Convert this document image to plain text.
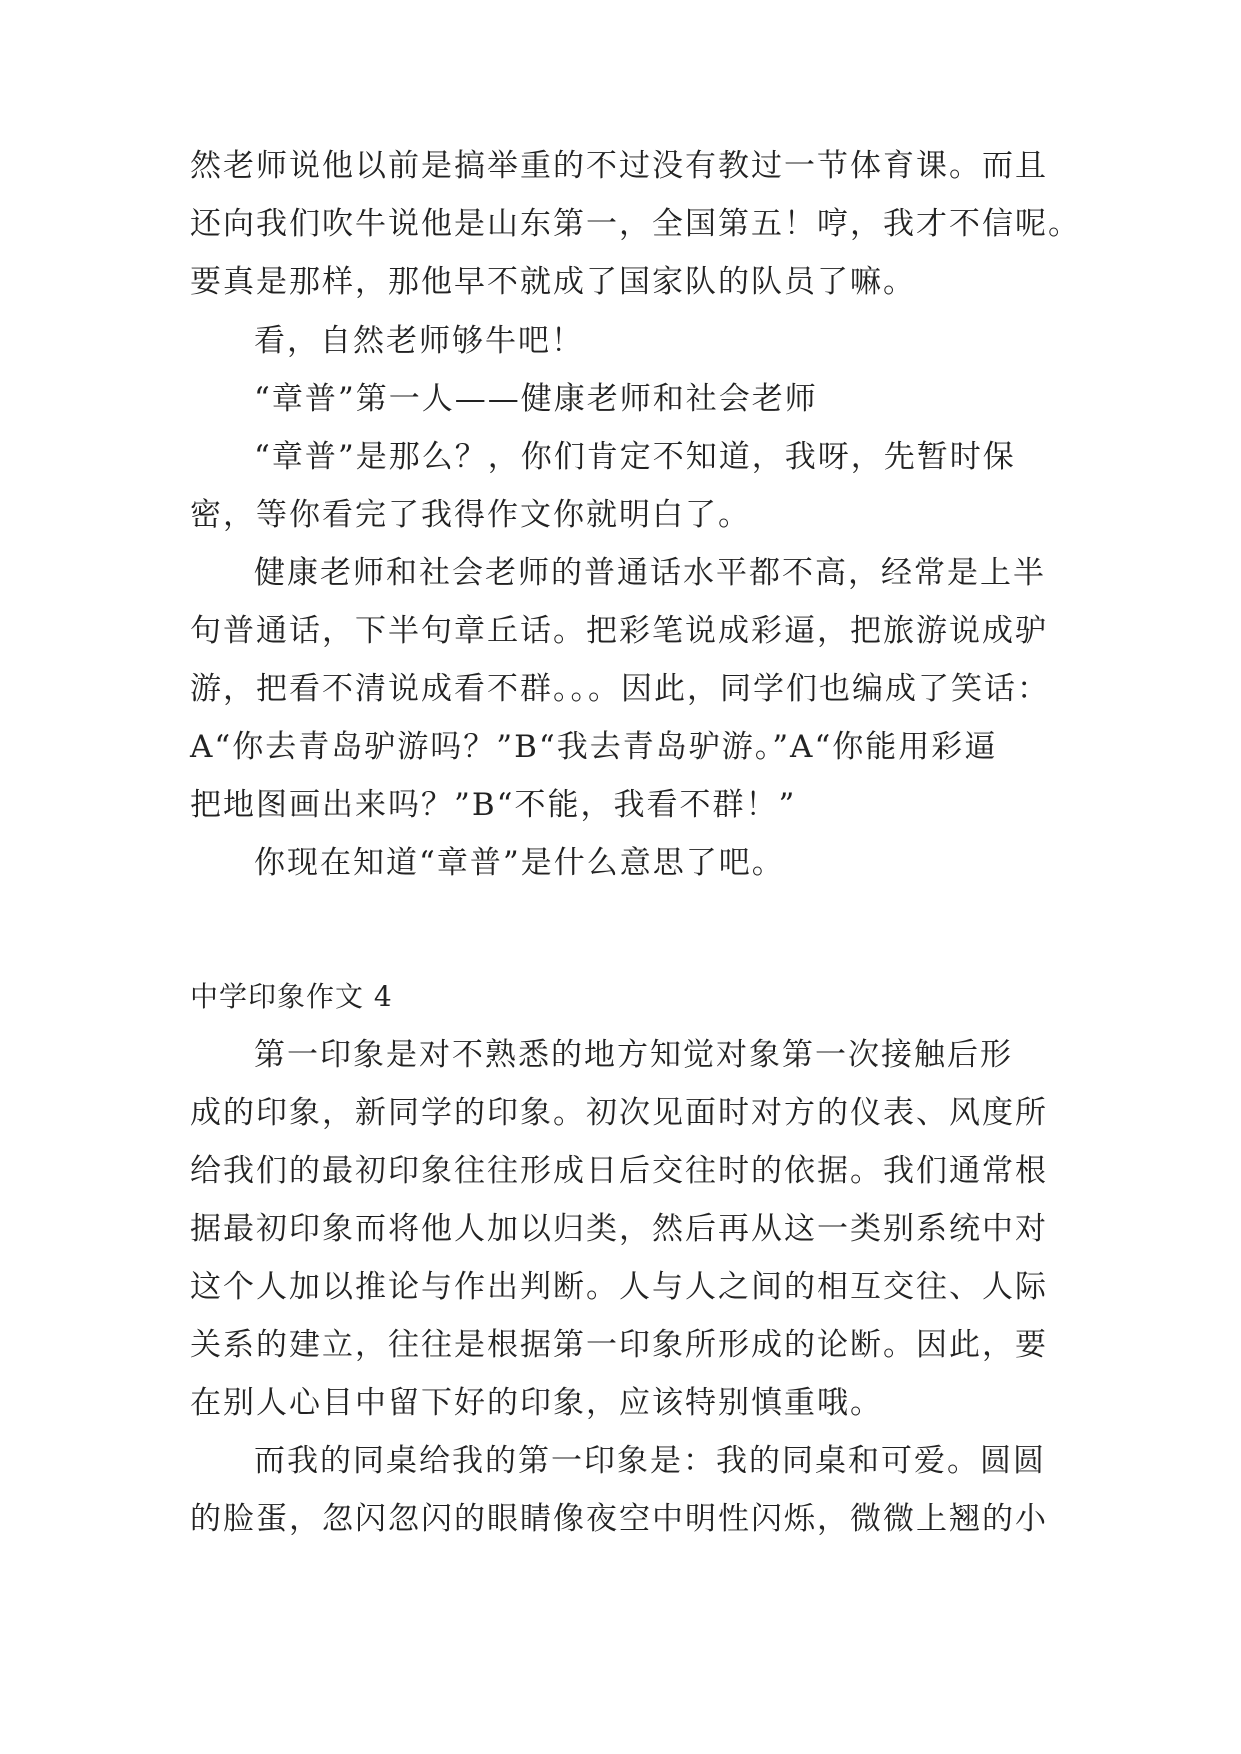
然老师说他以前是搞举重的不过没有教过一节体育课。而且
还向我们吹牛说他是山东第一，全国第五！哼，我才不信呢。
要真是那样，那他早不就成了国家队的队员了嘛。
看，自然老师够牛吧！
“章普”第一人——健康老师和社会老师
“章普”是那么？，你们肯定不知道，我呀，先暂时保
密，等你看完了我得作文你就明白了。
健康老师和社会老师的普通话水平都不高，经常是上半
句普通话，下半句章丘话。把彩笔说成彩逼，把旅游说成驴
游，把看不清说成看不群。。。因此，同学们也编成了笑话：
A“你去青岛驴游吗？”B“我去青岛驴游。”A“你能用彩逼
把地图画出来吗？”B“不能，我看不群！”
你现在知道“章普”是什么意思了吧。
中学印象作文 4
第一印象是对不熟悉的地方知觉对象第一次接触后形
成的印象，新同学的印象。初次见面时对方的仪表、风度所
给我们的最初印象往往形成日后交往时的依据。我们通常根
据最初印象而将他人加以归类，然后再从这一类别系统中对
这个人加以推论与作出判断。人与人之间的相互交往、人际
关系的建立，往往是根据第一印象所形成的论断。因此，要
在别人心目中留下好的印象，应该特别慎重哦。
而我的同桌给我的第一印象是：我的同桌和可爱。圆圆
的脸蛋，忽闪忽闪的眼睛像夜空中明性闪烁，微微上翘的小
